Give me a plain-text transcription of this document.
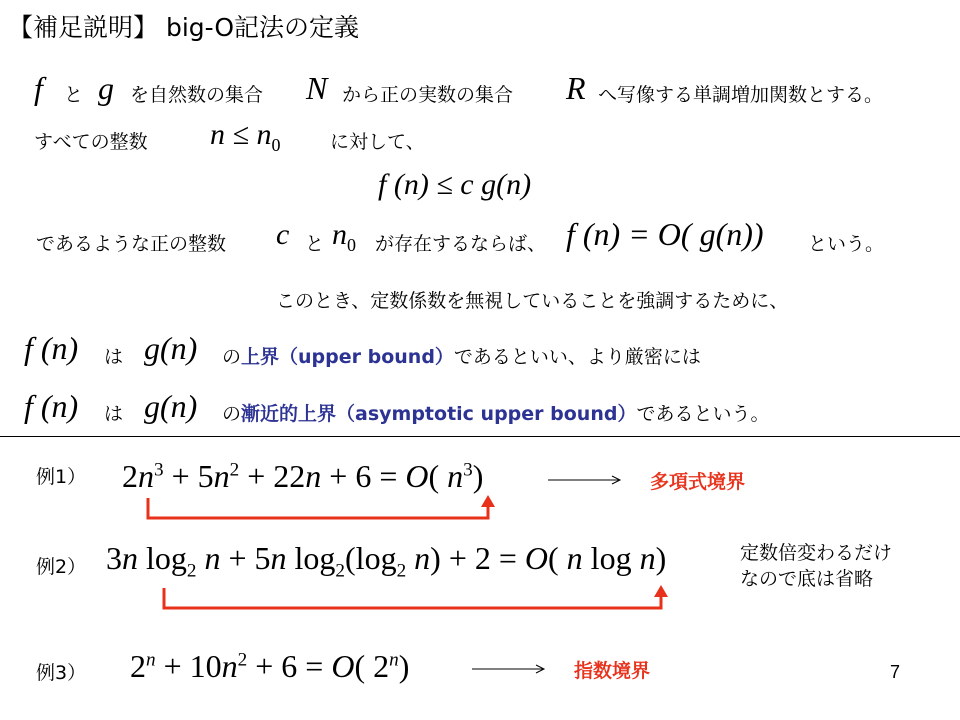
【補足説明】 big-O記法の定義
f と g を自然数の集合 N から正の実数の集合 R へ写像する単調増加関数とする。
すべての整数 $n \le n_0$	に対して、
f (n) ≤ c g(n)
であるような正の整数 c と $n_0$ が存在するならば、 f (n) = O( g(n)) という。
このとき、定数係数を無視していることを強調するために、
f (n) は g(n) の上界（upper bound）であるといい、より厳密には
f (n) は g(n) の漸近的上界（asymptotic upper bound）であるという。
例1） $2n^3 + 5n^2 + 22n + 6 = O$( $n^3$)	多項式境界
例2） 3n $\log_2 n + 5n$ $\log_2(\log_2$ n) + 2 = O( n log n)	定数倍変わるだけ
なので底は省略
例3） $2^n + 10n^2 + 6 = O$( 2$^n$)	指数境界	7
